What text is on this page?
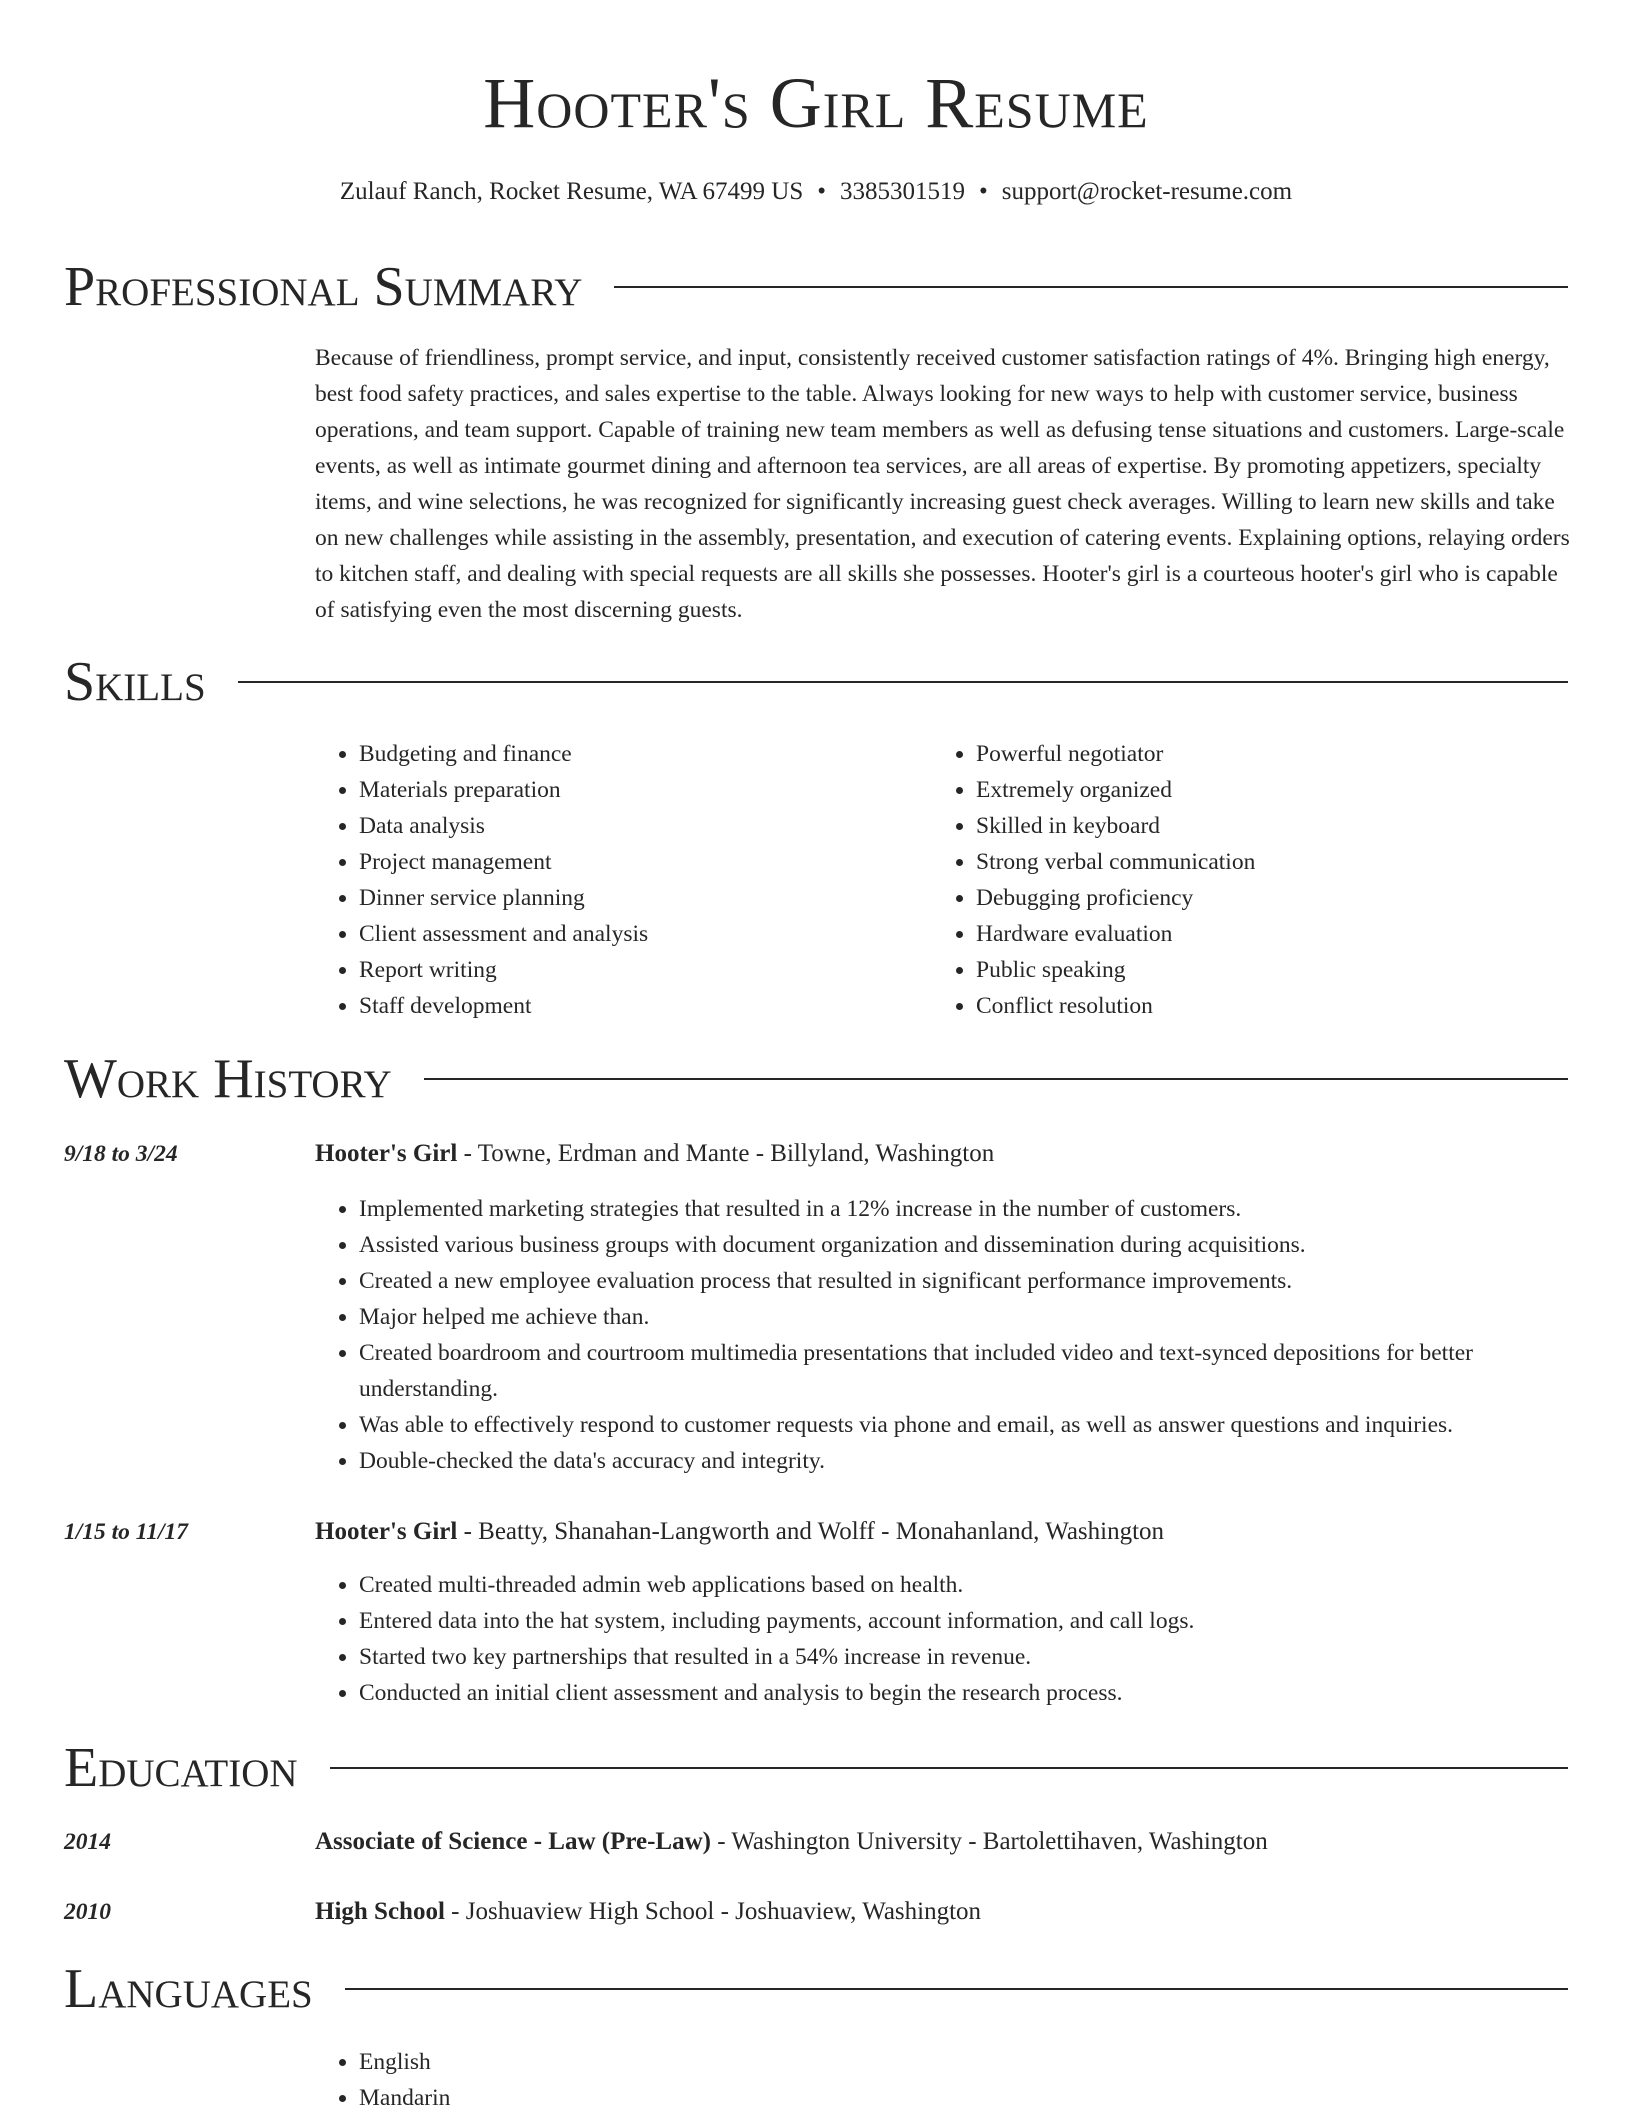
Hooter's Girl Resume
Zulauf Ranch, Rocket Resume, WA 67499 US • 3385301519 • support@rocket-resume.com
Professional Summary

Because of friendliness, prompt service, and input, consistently received customer satisfaction ratings of 4%. Bringing high energy, best food safety practices, and sales expertise to the table. Always looking for new ways to help with customer service, business operations, and team support. Capable of training new team members as well as defusing tense situations and customers. Large-scale events, as well as intimate gourmet dining and afternoon tea services, are all areas of expertise. By promoting appetizers, specialty items, and wine selections, he was recognized for significantly increasing guest check averages. Willing to learn new skills and take on new challenges while assisting in the assembly, presentation, and execution of catering events. Explaining options, relaying orders to kitchen staff, and dealing with special requests are all skills she possesses. Hooter's girl is a courteous hooter's girl who is capable of satisfying even the most discerning guests.

Skills
• Budgeting and finance
• Materials preparation
• Data analysis
• Project management
• Dinner service planning
• Client assessment and analysis
• Report writing
• Staff development
• Powerful negotiator
• Extremely organized
• Skilled in keyboard
• Strong verbal communication
• Debugging proficiency
• Hardware evaluation
• Public speaking
• Conflict resolution
Work History
9/18 to 3/24	Hooter's Girl - Towne, Erdman and Mante - Billyland, Washington
• Implemented marketing strategies that resulted in a 12% increase in the number of customers.
• Assisted various business groups with document organization and dissemination during acquisitions.
• Created a new employee evaluation process that resulted in significant performance improvements.
• Major helped me achieve than.
• Created boardroom and courtroom multimedia presentations that included video and text-synced depositions for better understanding.
• Was able to effectively respond to customer requests via phone and email, as well as answer questions and inquiries.
• Double-checked the data's accuracy and integrity.
1/15 to 11/17	Hooter's Girl - Beatty, Shanahan-Langworth and Wolff - Monahanland, Washington
• Created multi-threaded admin web applications based on health.
• Entered data into the hat system, including payments, account information, and call logs.
• Started two key partnerships that resulted in a 54% increase in revenue.
• Conducted an initial client assessment and analysis to begin the research process.
Education
2014	Associate of Science - Law (Pre-Law) - Washington University - Bartolettihaven, Washington
2010	High School - Joshuaview High School - Joshuaview, Washington
Languages
• English
• Mandarin
